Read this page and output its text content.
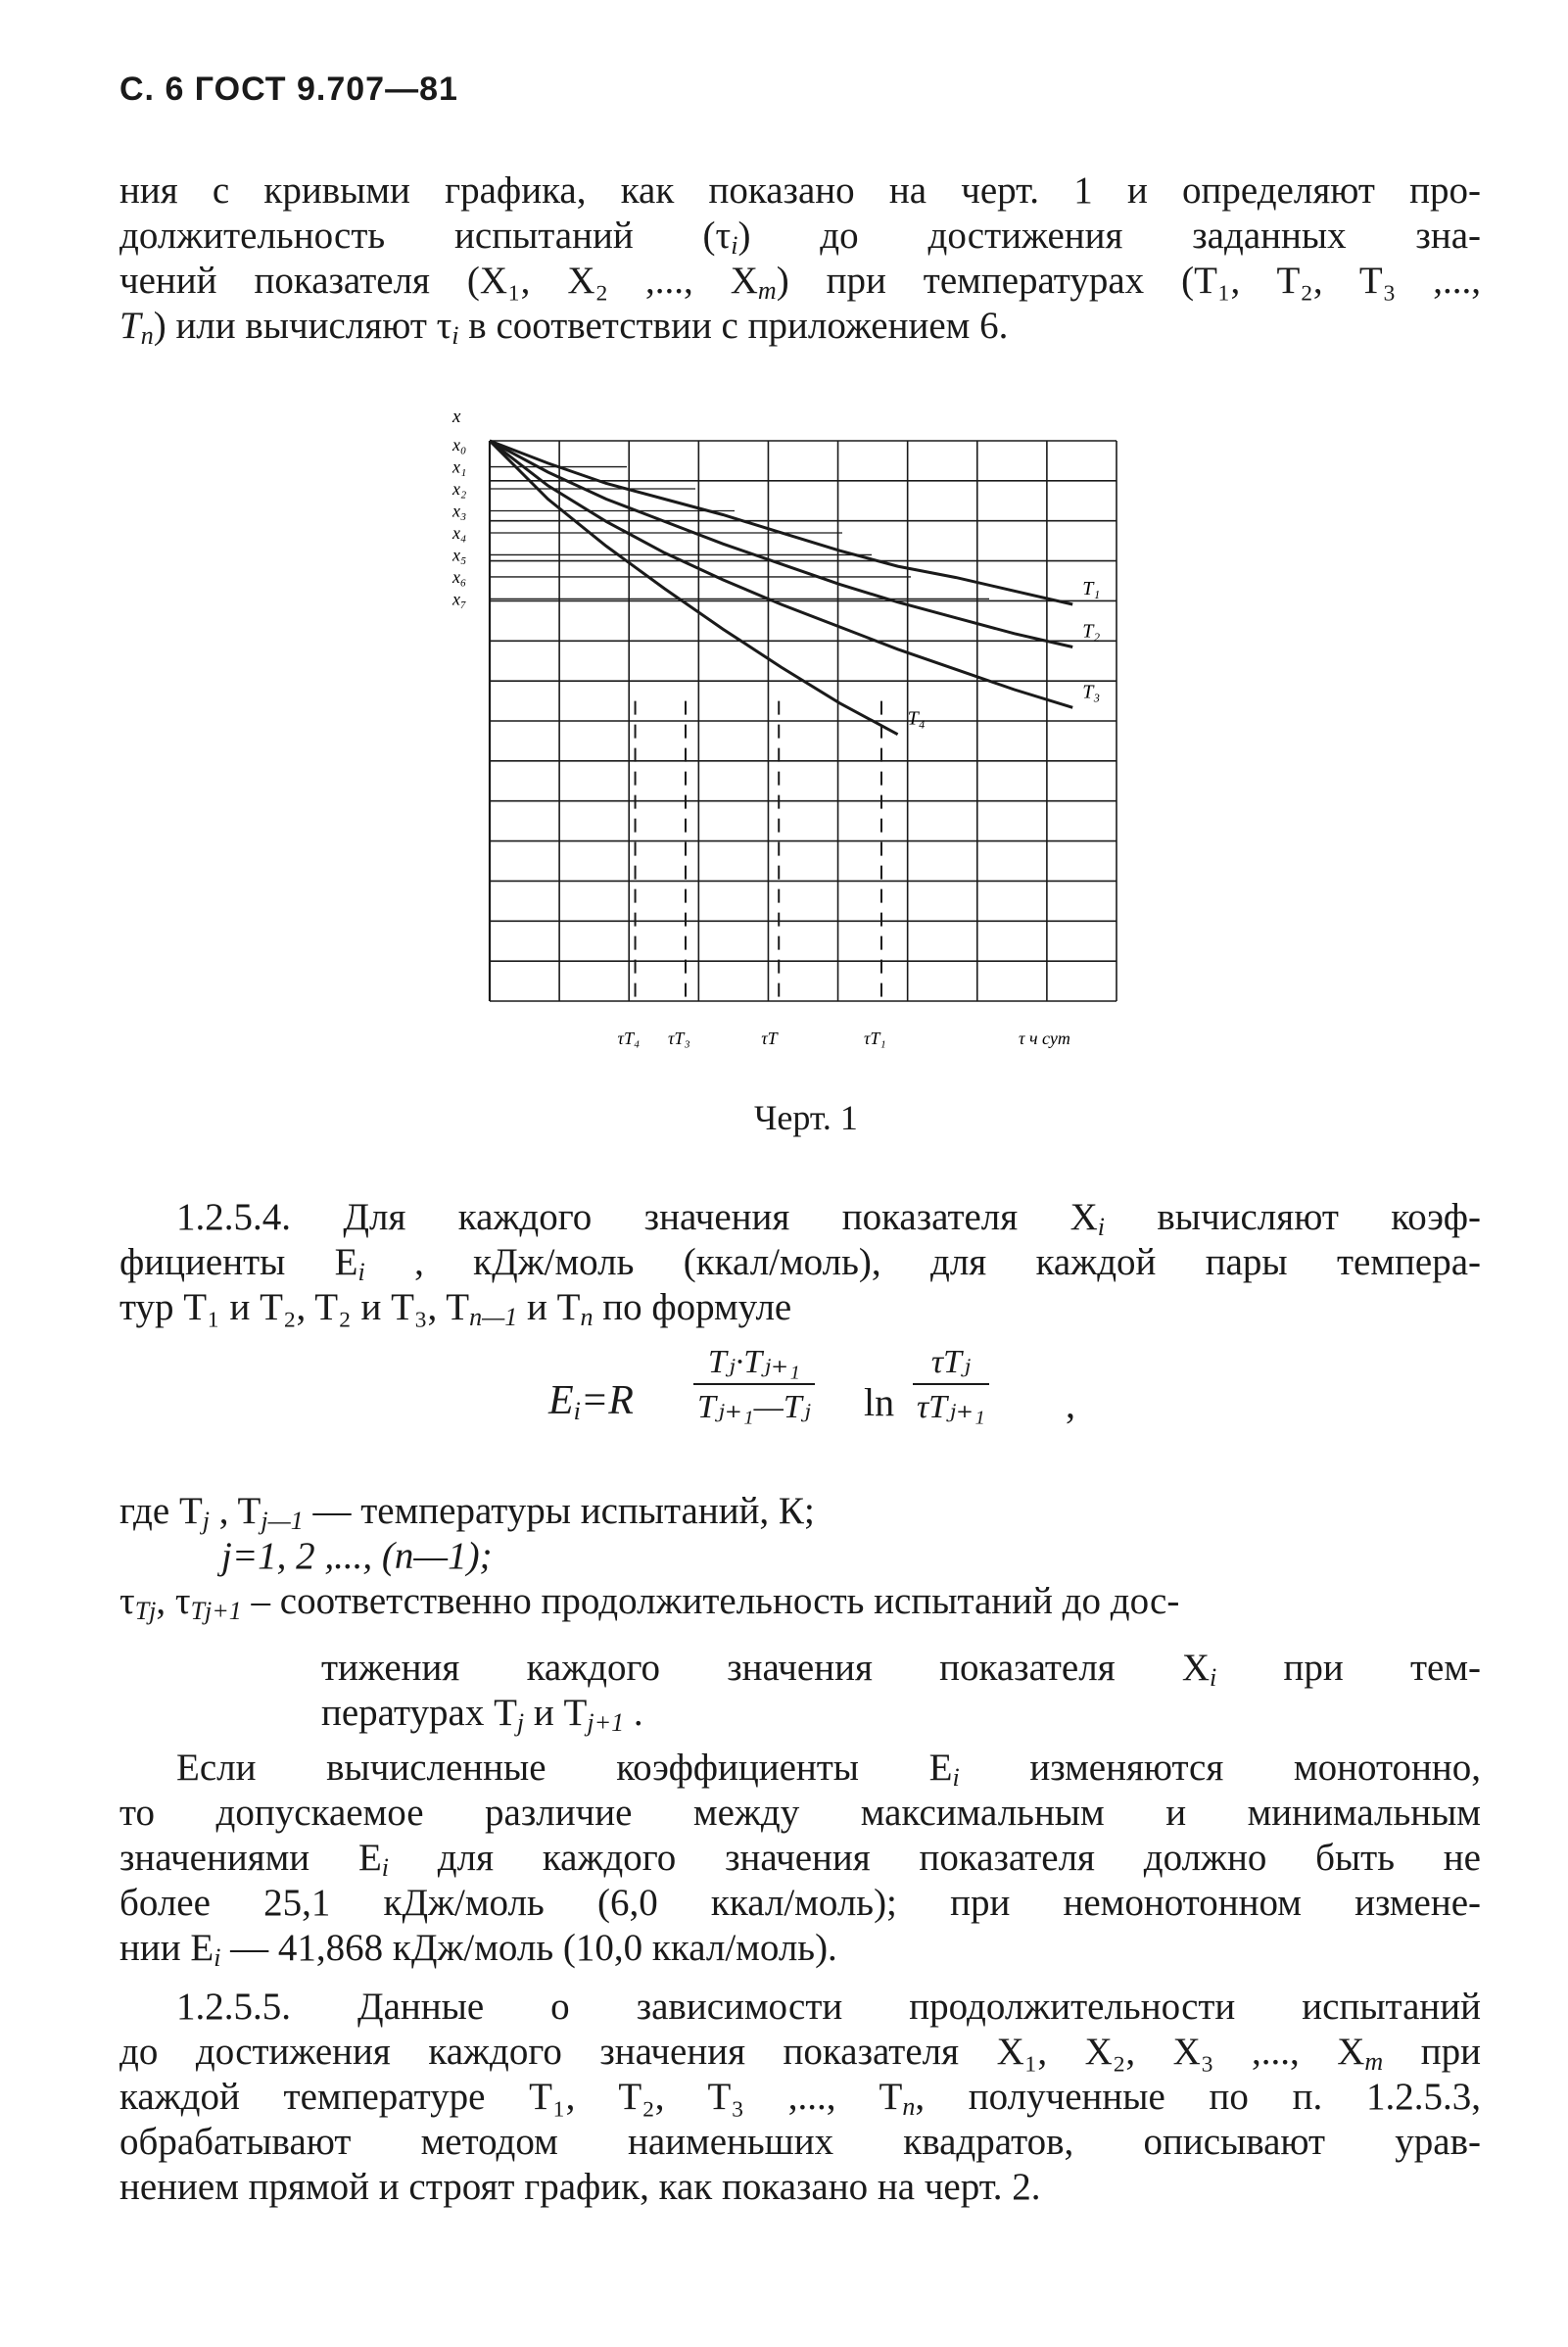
С. 6 ГОСТ 9.707—81
ния с кривыми графика, как показано на черт. 1 и определяют про-
должительность испытаний $(\tau_i)$ до достижения заданных зна-
чений показателя (X₁, X₂ ,..., $X_m$) при температурах (T₁, T₂, T₃ ,...,
$T_n$) или вычисляют $\tau_i$ в соответствии с приложением 6.
x
x₀
x₁
x₂
x₃
x₄
x₅
x₆
x₇	T₁
T₂
T₃
T₄
τT₄ τT₃	τT	τT₁	τ ч сут
Черт. 1
1.2.5.4. Для каждого значения показателя $X_i$ вычисляют коэф-
фициенты $E_i$ , кДж/моль (ккал/моль), для каждой пары темпера-
тур T₁ и T₂, T₂ и T₃, $T_{n—1}$ и $T_n$ по формуле
$E_i=R$
Tⱼ·Tⱼ₊₁
Tⱼ₊₁—Tⱼ ln
τTⱼ
τTⱼ₊₁ ,
где $T_j$ , $T_{j—1}$ — температуры испытаний, К;
j=1, 2 ,..., (n—1);
$\tau_{Tj}$, $\tau_{Tj+1}$ – соответственно продолжительность испытаний до дос-
тижения каждого значения показателя $X_i$ при тем-
пературах $T_j$ и $T_{j+1}$ .
Если вычисленные коэффициенты $E_i$ изменяются монотонно,
то допускаемое различие между максимальным и минимальным
значениями $E_i$ для каждого значения показателя должно быть не
более 25,1 кДж/моль (6,0 ккал/моль); при немонотонном измене-
нии $E_i$ — 41,868 кДж/моль (10,0 ккал/моль).
1.2.5.5. Данные о зависимости продолжительности испытаний
до достижения каждого значения показателя X₁, X₂, X₃ ,..., $X_m$ при
каждой температуре T₁, T₂, T₃ ,..., $T_n$, полученные по п. 1.2.5.3,
обрабатывают методом наименьших квадратов, описывают урав-
нением прямой и строят график, как показано на черт. 2.
